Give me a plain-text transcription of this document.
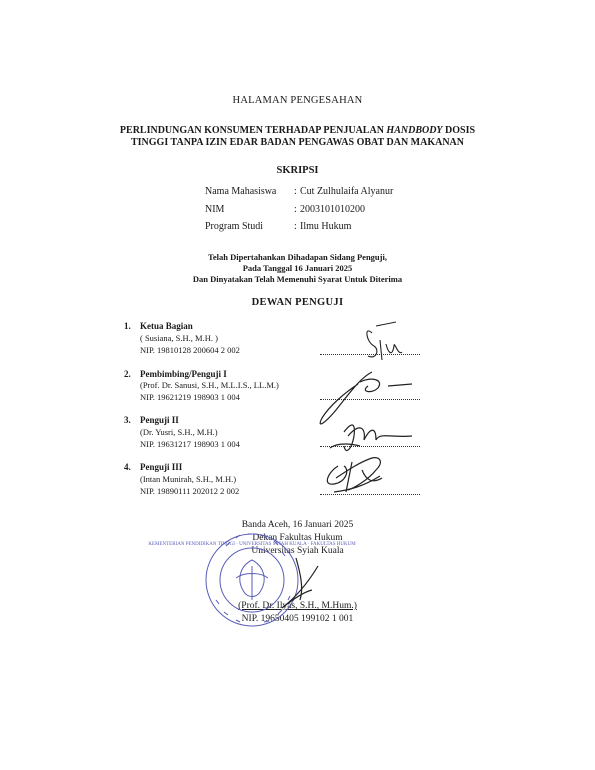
HALAMAN PENGESAHAN
PERLINDUNGAN KONSUMEN TERHADAP PENJUALAN HANDBODY DOSIS
TINGGI TANPA IZIN EDAR BADAN PENGAWAS OBAT DAN MAKANAN
SKRIPSI
Nama Mahasiswa : Cut Zulhulaifa Alyanur
NIM	: 2003101010200
Program Studi	: Ilmu Hukum
Telah Dipertahankan Dihadapan Sidang Penguji,
Pada Tanggal 16 Januari 2025
Dan Dinyatakan Telah Memenuhi Syarat Untuk Diterima
DEWAN PENGUJI
1. Ketua Bagian
( Susiana, S.H., M.H. )
NIP. 19810128 200604 2 002
2. Pembimbing/Penguji I
(Prof. Dr. Sanusi, S.H., M.L.I.S., LL.M.)
NIP. 19621219 198903 1 004
3. Penguji II
(Dr. Yusri, S.H., M.H.)
NIP. 19631217 198903 1 004
4. Penguji III
(Intan Munirah, S.H., M.H.)
NIP. 19890111 202012 2 002
Banda Aceh, 16 Januari 2025
Dekan Fakultas Hukum
Universitas Syiah Kuala
(Prof. Dr. Ilyas, S.H., M.Hum.)
NIP. 19650405 199102 1 001
KEMENTERIAN PENDIDIKAN TINGGI · UNIVERSITAS SYIAH KUALA · FAKULTAS HUKUM
